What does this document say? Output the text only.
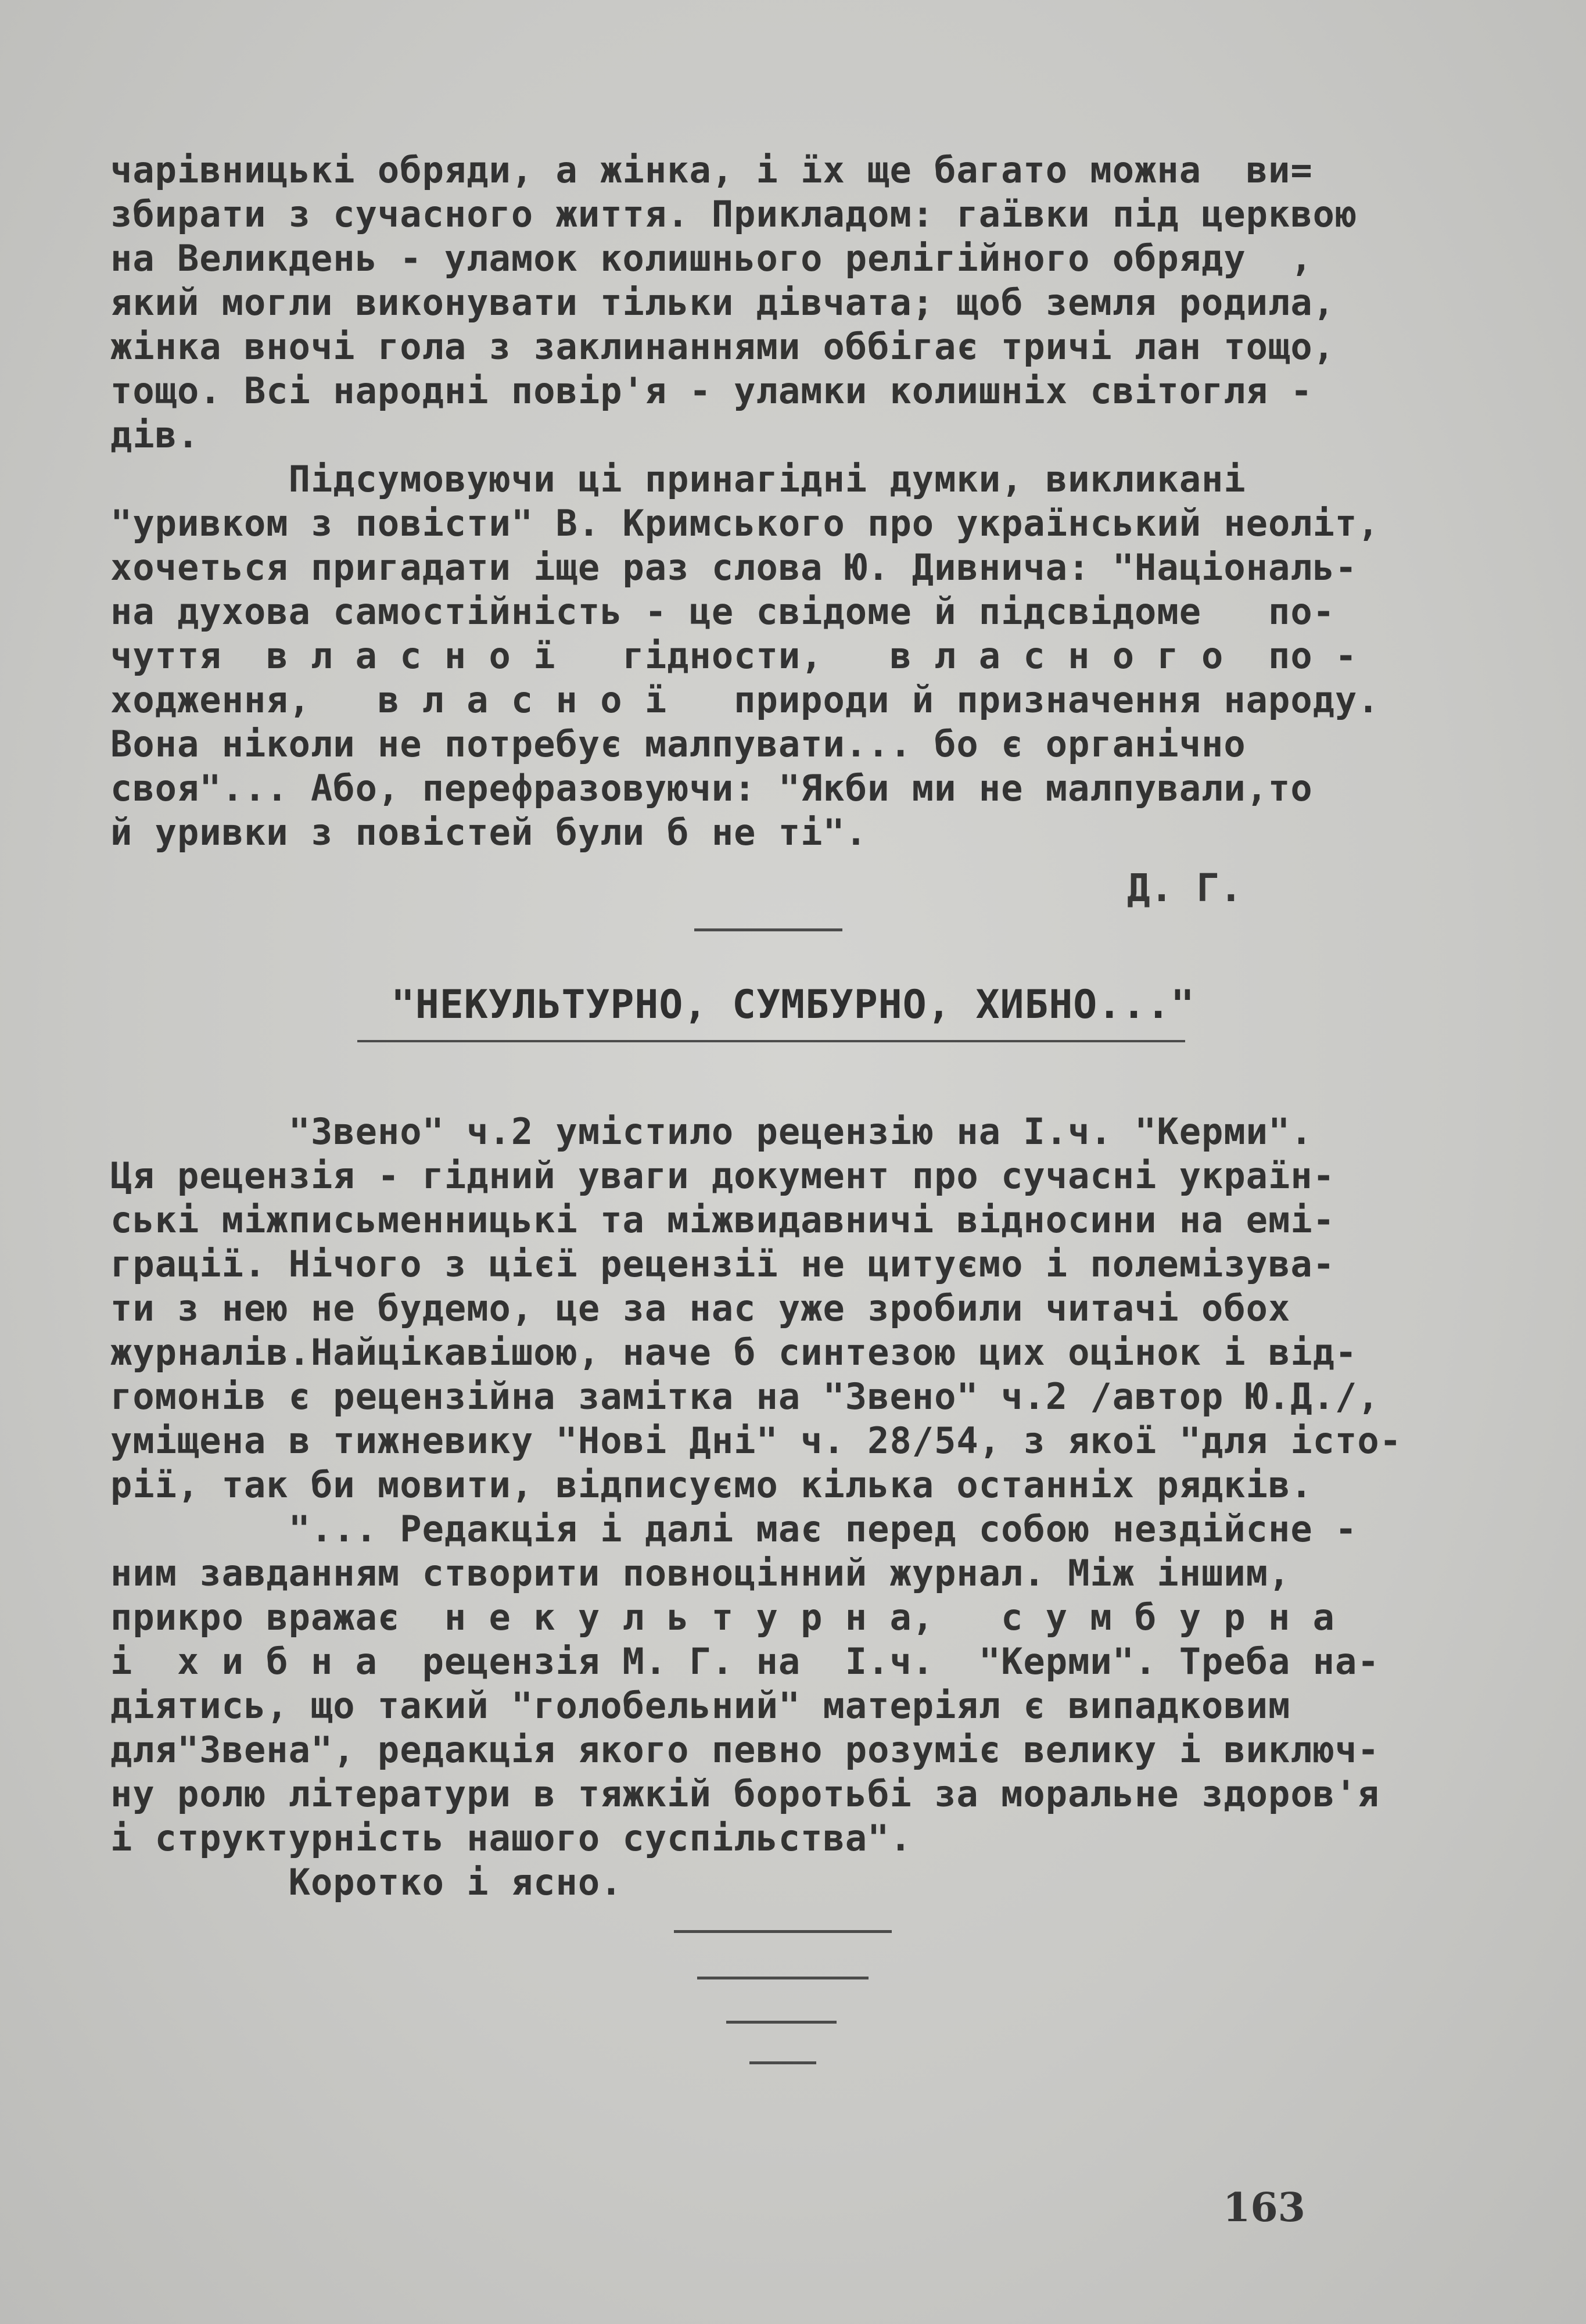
чарівницькі обряди, а жінка, і їх ще багато можна  ви=
збирати з сучасного життя. Прикладом: гаївки під церквою
на Великдень - уламок колишнього релігійного обряду  ,
який могли виконувати тільки дівчата; щоб земля родила,
жінка вночі гола з заклинаннями оббігає тричі лан тощо,
тощо. Всі народні повір'я - уламки колишніх світогля -
дів.
Підсумовуючи ці принагідні думки, викликані
"уривком з повісти" В. Кримського про український неоліт,
хочеться пригадати іще раз слова Ю. Дивнича: "Національ-
на духова самостійність - це свідоме й підсвідоме   по-
чуття  в л а с н о ї   гідности,   в л а с н о г о  по -
ходження,   в л а с н о ї   природи й призначення народу.
Вона ніколи не потребує малпувати... бо є органічно
своя"... Або, перефразовуючи: "Якби ми не малпували,то
й уривки з повістей були б не ті".
Д. Г.
"НЕКУЛЬТУРНО, СУМБУРНО, ХИБНО..."
"Звено" ч.2 умістило рецензію на І.ч. "Керми".
Ця рецензія - гідний уваги документ про сучасні україн-
ські міжписьменницькі та міжвидавничі відносини на емі-
грації. Нічого з цієї рецензії не цитуємо і полемізува-
ти з нею не будемо, це за нас уже зробили читачі обох
журналів.Найцікавішою, наче б синтезою цих оцінок і від-
гомонів є рецензійна замітка на "Звено" ч.2 /автор Ю.Д./,
уміщена в тижневику "Нові Дні" ч. 28/54, з якої "для істо-
рії, так би мовити, відписуємо кілька останніх рядків.
"... Редакція і далі має перед собою нездійсне -
ним завданням створити повноцінний журнал. Між іншим,
прикро вражає  н е к у л ь т у р н а,   с у м б у р н а
і  х и б н а  рецензія М. Г. на  І.ч.  "Керми". Треба на-
діятись, що такий "голобельний" матеріял є випадковим
для"Звена", редакція якого певно розуміє велику і виключ-
ну ролю літератури в тяжкій боротьбі за моральне здоров'я
і структурність нашого суспільства".
Коротко і ясно.
163
